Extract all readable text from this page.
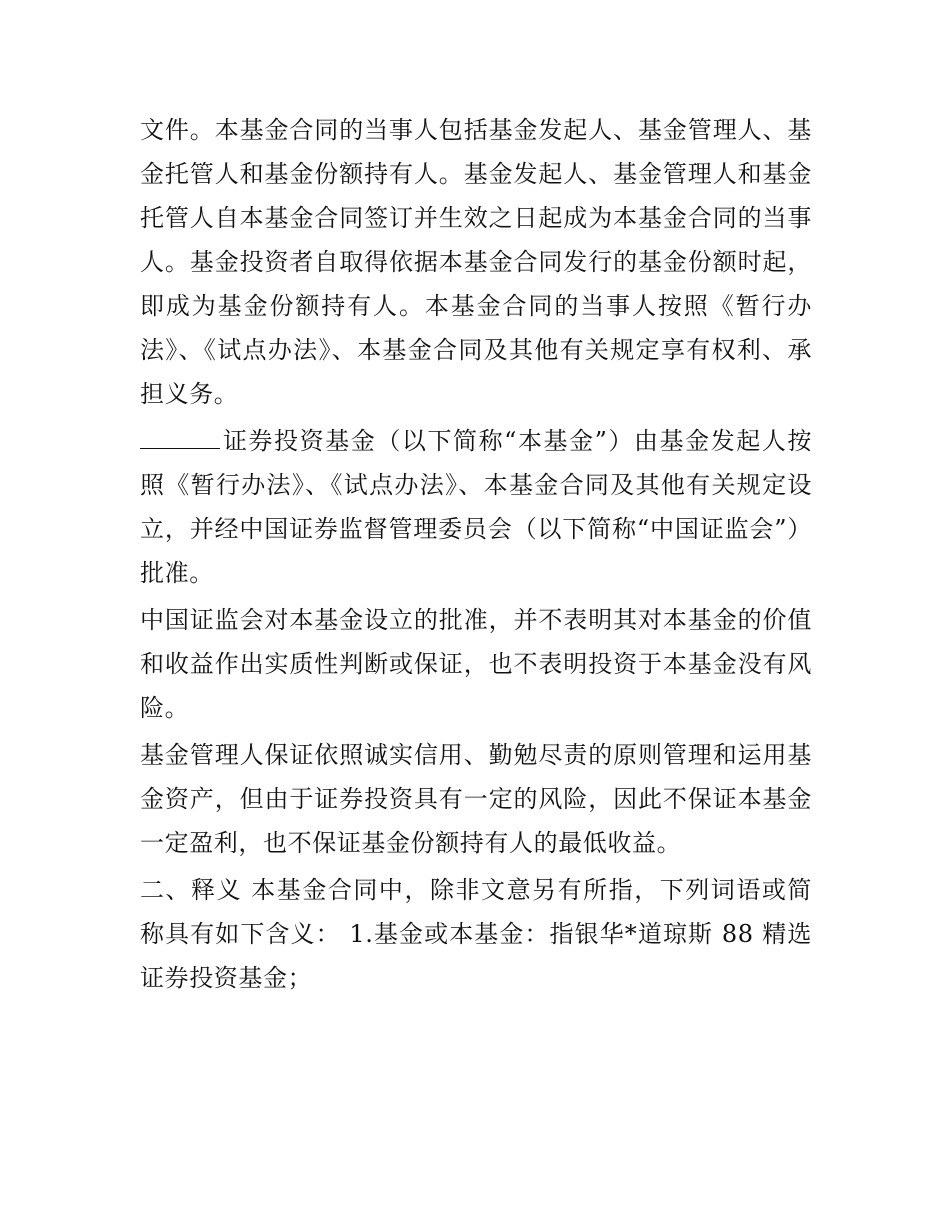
文件。本基金合同的当事人包括基金发起人、基金管理人、基金托管人和基金份额持有人。基金发起人、基金管理人和基金托管人自本基金合同签订并生效之日起成为本基金合同的当事人。基金投资者自取得依据本基金合同发行的基金份额时起，即成为基金份额持有人。本基金合同的当事人按照《暂行办法》、《试点办法》、本基金合同及其他有关规定享有权利、承担义务。

证券投资基金（以下简称“本基金”）由基金发起人按照《暂行办法》、《试点办法》、本基金合同及其他有关规定设立，并经中国证券监督管理委员会（以下简称“中国证监会”）批准。

中国证监会对本基金设立的批准，并不表明其对本基金的价值和收益作出实质性判断或保证，也不表明投资于本基金没有风险。

基金管理人保证依照诚实信用、勤勉尽责的原则管理和运用基金资产，但由于证券投资具有一定的风险，因此不保证本基金一定盈利，也不保证基金份额持有人的最低收益。

二、释义 本基金合同中，除非文意另有所指，下列词语或简称具有如下含义： 1.基金或本基金：指银华*道琼斯 88 精选证券投资基金；
